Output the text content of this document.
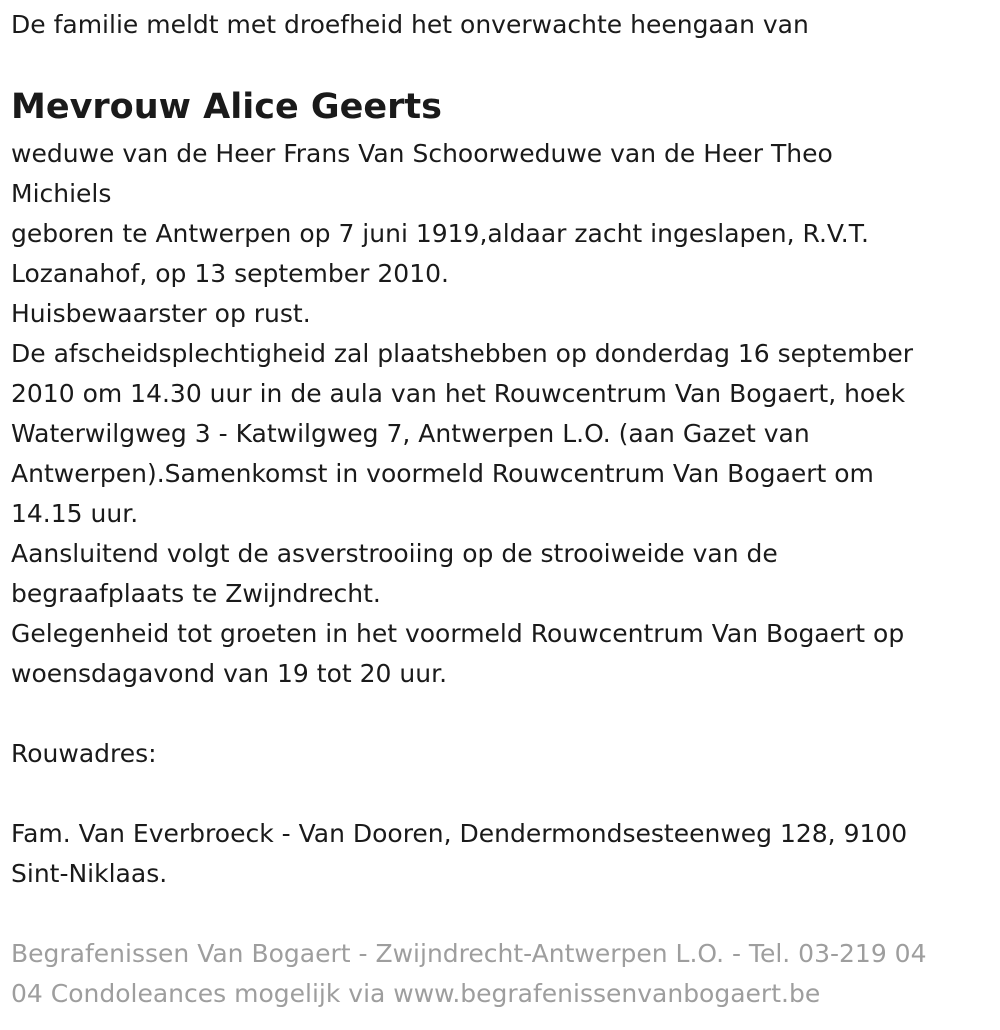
De familie meldt met droefheid het onverwachte heengaan van

Mevrouw Alice Geerts

weduwe van de Heer Frans Van Schoorweduwe van de Heer Theo

Michiels

geboren te Antwerpen op 7 juni 1919,aldaar zacht ingeslapen, R.V.T.

Lozanahof, op 13 september 2010.

Huisbewaarster op rust.

De afscheidsplechtigheid zal plaatshebben op donderdag 16 september

2010 om 14.30 uur in de aula van het Rouwcentrum Van Bogaert, hoek

Waterwilgweg 3 - Katwilgweg 7, Antwerpen L.O. (aan Gazet van

Antwerpen).Samenkomst in voormeld Rouwcentrum Van Bogaert om

14.15 uur.

Aansluitend volgt de asverstrooiing op de strooiweide van de

begraafplaats te Zwijndrecht.

Gelegenheid tot groeten in het voormeld Rouwcentrum Van Bogaert op

woensdagavond van 19 tot 20 uur.

Rouwadres:

Fam. Van Everbroeck - Van Dooren, Dendermondsesteenweg 128, 9100

Sint-Niklaas.

Begrafenissen Van Bogaert - Zwijndrecht-Antwerpen L.O. - Tel. 03-219 04

04 Condoleances mogelijk via www.begrafenissenvanbogaert.be
